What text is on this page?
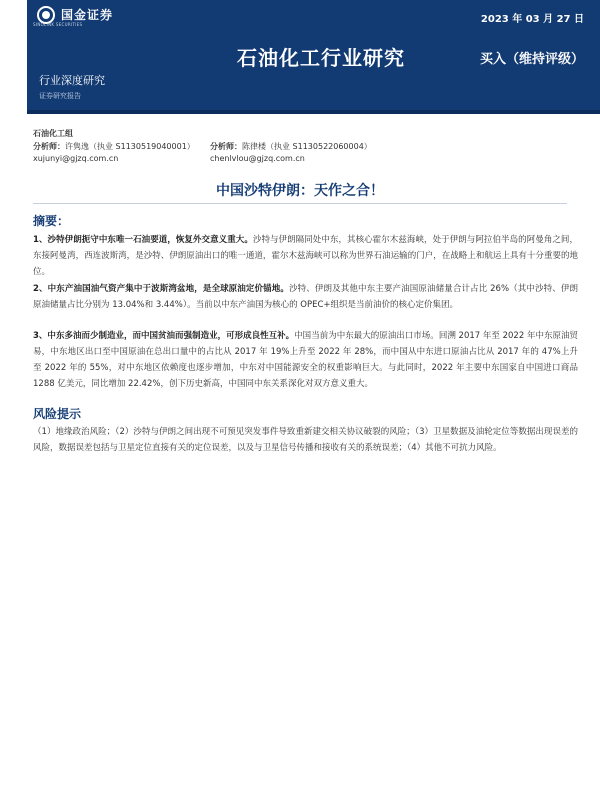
国金证券
SINOLINK SECURITIES	2023 年 03 月 27 日
石油化工行业研究	买入（维持评级）
行业深度研究
证券研究报告
石油化工组
分析师：许隽逸（执业 S1130519040001）
xujunyi@gjzq.com.cn
分析师：陈律楼（执业 S1130522060004）
chenlvlou@gjzq.com.cn
中国沙特伊朗：天作之合！
摘要：
1、沙特伊朗扼守中东唯一石油要道，恢复外交意义重大。沙特与伊朗隔同处中东，其核心霍尔木兹海峡，处于伊朗与阿拉伯半岛的阿曼角之间，东接阿曼湾，西连波斯湾，是沙特、伊朗原油出口的唯一通道，霍尔木兹海峡可以称为世界石油运输的门户，在战略上和航运上具有十分重要的地位。
2、中东产油国油气资产集中于波斯湾盆地，是全球原油定价锚地。沙特、伊朗及其他中东主要产油国原油储量合计占比 26%（其中沙特、伊朗原油储量占比分别为 13.04%和 3.44%）。当前以中东产油国为核心的 OPEC+组织是当前油价的核心定价集团。
3、中东多油而少制造业，而中国贫油而强制造业，可形成良性互补。中国当前为中东最大的原油出口市场。回溯 2017 年至 2022 年中东原油贸易，中东地区出口至中国原油在总出口量中的占比从 2017 年 19%上升至 2022 年 28%，而中国从中东进口原油占比从 2017 年的 47%上升至 2022 年的 55%，对中东地区依赖度也逐步增加，中东对中国能源安全的权重影响巨大。与此同时，2022 年主要中东国家自中国进口商品 1288 亿美元，同比增加 22.42%，创下历史新高，中国同中东关系深化对双方意义重大。
风险提示
（1）地缘政治风险；（2）沙特与伊朗之间出现不可预见突发事件导致重新建交相关协议破裂的风险；（3）卫星数据及油轮定位等数据出现误差的风险，数据误差包括与卫星定位直接有关的定位误差，以及与卫星信号传播和接收有关的系统误差；（4）其他不可抗力风险。
